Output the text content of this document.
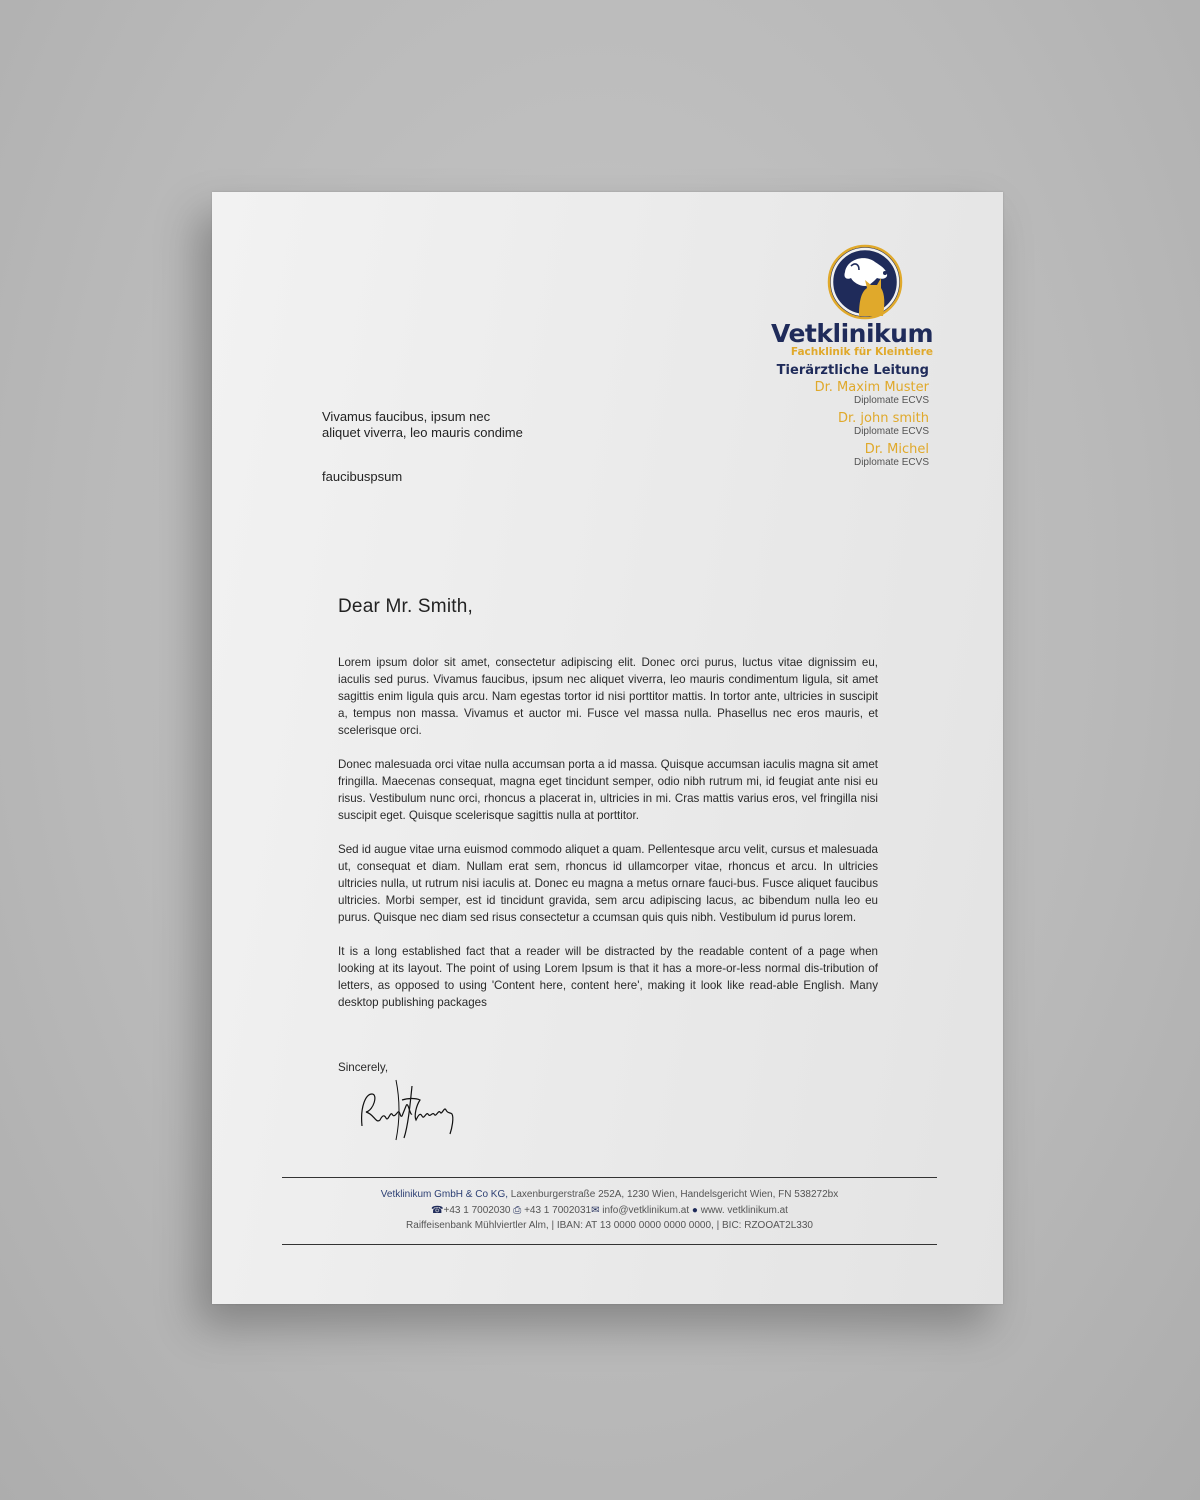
Vetklinikum
Fachklinik für Kleintiere
Tierärztliche Leitung
Dr. Maxim Muster
Diplomate ECVS
Dr. john smith
Diplomate ECVS
Dr. Michel
Diplomate ECVS
Vivamus faucibus, ipsum nec
aliquet viverra, leo mauris condime
faucibuspsum
Dear Mr. Smith,

Lorem ipsum dolor sit amet, consectetur adipiscing elit. Donec orci purus, luctus vitae dignissim eu, iaculis sed purus. Vivamus faucibus, ipsum nec aliquet viverra, leo mauris condimentum ligula, sit amet sagittis enim ligula quis arcu. Nam egestas tortor id nisi porttitor mattis. In tortor ante, ultricies in suscipit a, tempus non massa. Vivamus et auctor mi. Fusce vel massa nulla. Phasellus nec eros mauris, et scelerisque orci.

Donec malesuada orci vitae nulla accumsan porta a id massa. Quisque accumsan iaculis magna sit amet fringilla. Maecenas consequat, magna eget tincidunt semper, odio nibh rutrum mi, id feugiat ante nisi eu risus. Vestibulum nunc orci, rhoncus a placerat in, ultricies in mi. Cras mattis varius eros, vel fringilla nisi suscipit eget. Quisque scelerisque sagittis nulla at porttitor.

Sed id augue vitae urna euismod commodo aliquet a quam. Pellentesque arcu velit, cursus et malesuada ut, consequat et diam. Nullam erat sem, rhoncus id ullamcorper vitae, rhoncus et arcu. In ultricies ultricies nulla, ut rutrum nisi iaculis at. Donec eu magna a metus ornare fauci-bus. Fusce aliquet faucibus ultricies. Morbi semper, est id tincidunt gravida, sem arcu adipiscing lacus, ac bibendum nulla leo eu purus. Quisque nec diam sed risus consectetur a ccumsan quis quis nibh. Vestibulum id purus lorem.

It is a long established fact that a reader will be distracted by the readable content of a page when looking at its layout. The point of using Lorem Ipsum is that it has a more-or-less normal dis-tribution of letters, as opposed to using 'Content here, content here', making it look like read-able English. Many desktop publishing packages

Sincerely,
Vetklinikum GmbH & Co KG, Laxenburgerstraße 252A, 1230 Wien, Handelsgericht Wien, FN 538272bx
☎+43 1 7002030 ⎙ +43 1 7002031✉ info@vetklinikum.at ● www. vetklinikum.at
Raiffeisenbank Mühlviertler Alm, | IBAN: AT 13 0000 0000 0000 0000, | BIC: RZOOAT2L330
